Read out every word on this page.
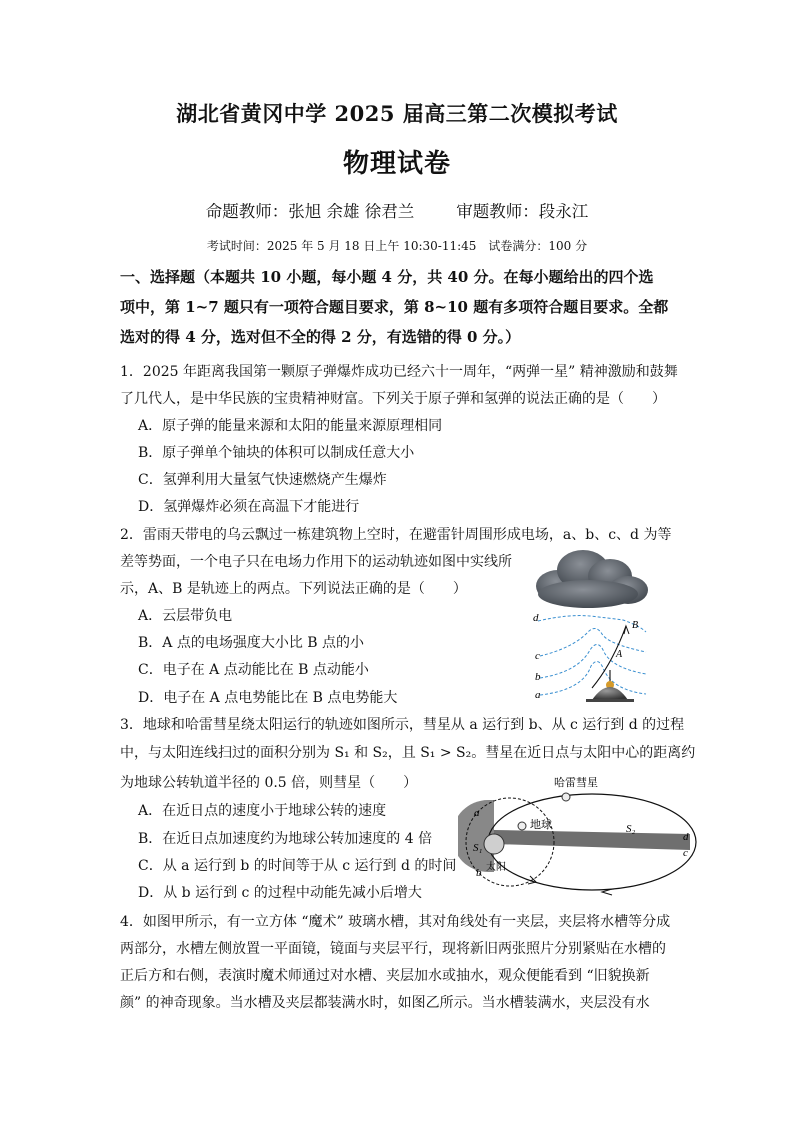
湖北省黄冈中学 2025 届高三第二次模拟考试
物理试卷
命题教师：张旭 余雄 徐君兰	审题教师：段永江
考试时间：2025 年 5 月 18 日上午 10:30-11:45　试卷满分：100 分
一、选择题（本题共 10 小题，每小题 4 分，共 40 分。在每小题给出的四个选
项中，第 1~7 题只有一项符合题目要求，第 8~10 题有多项符合题目要求。全都
选对的得 4 分，选对但不全的得 2 分，有选错的得 0 分。）
1．2025 年距离我国第一颗原子弹爆炸成功已经六十一周年，“两弹一星” 精神激励和鼓舞
了几代人，是中华民族的宝贵精神财富。下列关于原子弹和氢弹的说法正确的是（　　）
A．原子弹的能量来源和太阳的能量来源原理相同
B．原子弹单个铀块的体积可以制成任意大小
C．氢弹利用大量氢气快速燃烧产生爆炸
D．氢弹爆炸必须在高温下才能进行
2．雷雨天带电的乌云飘过一栋建筑物上空时，在避雷针周围形成电场，a、b、c、d 为等
差等势面，一个电子只在电场力作用下的运动轨迹如图中实线所
示，A、B 是轨迹上的两点。下列说法正确的是（　　）
A．云层带负电
B．A 点的电场强度大小比 B 点的小
C．电子在 A 点动能比在 B 点动能小
D．电子在 A 点电势能比在 B 点电势能大
d
c
b
a
A
B
3．地球和哈雷彗星绕太阳运行的轨迹如图所示，彗星从 a 运行到 b、从 c 运行到 d 的过程
中，与太阳连线扫过的面积分别为 S₁ 和 S₂，且 S₁ > S₂。彗星在近日点与太阳中心的距离约
为地球公转轨道半径的 0.5 倍，则彗星（　　）
A．在近日点的速度小于地球公转的速度
B．在近日点加速度约为地球公转加速度的 4 倍
C．从 a 运行到 b 的时间等于从 c 运行到 d 的时间
D．从 b 运行到 c 的过程中动能先减小后增大
哈雷彗星
地球
太阳
S₁
S₂
a
b
c
d
4．如图甲所示，有一立方体 “魔术” 玻璃水槽，其对角线处有一夹层，夹层将水槽等分成
两部分，水槽左侧放置一平面镜，镜面与夹层平行，现将新旧两张照片分别紧贴在水槽的
正后方和右侧，表演时魔术师通过对水槽、夹层加水或抽水，观众便能看到 “旧貌换新
颜” 的神奇现象。当水槽及夹层都装满水时，如图乙所示。当水槽装满水，夹层没有水
